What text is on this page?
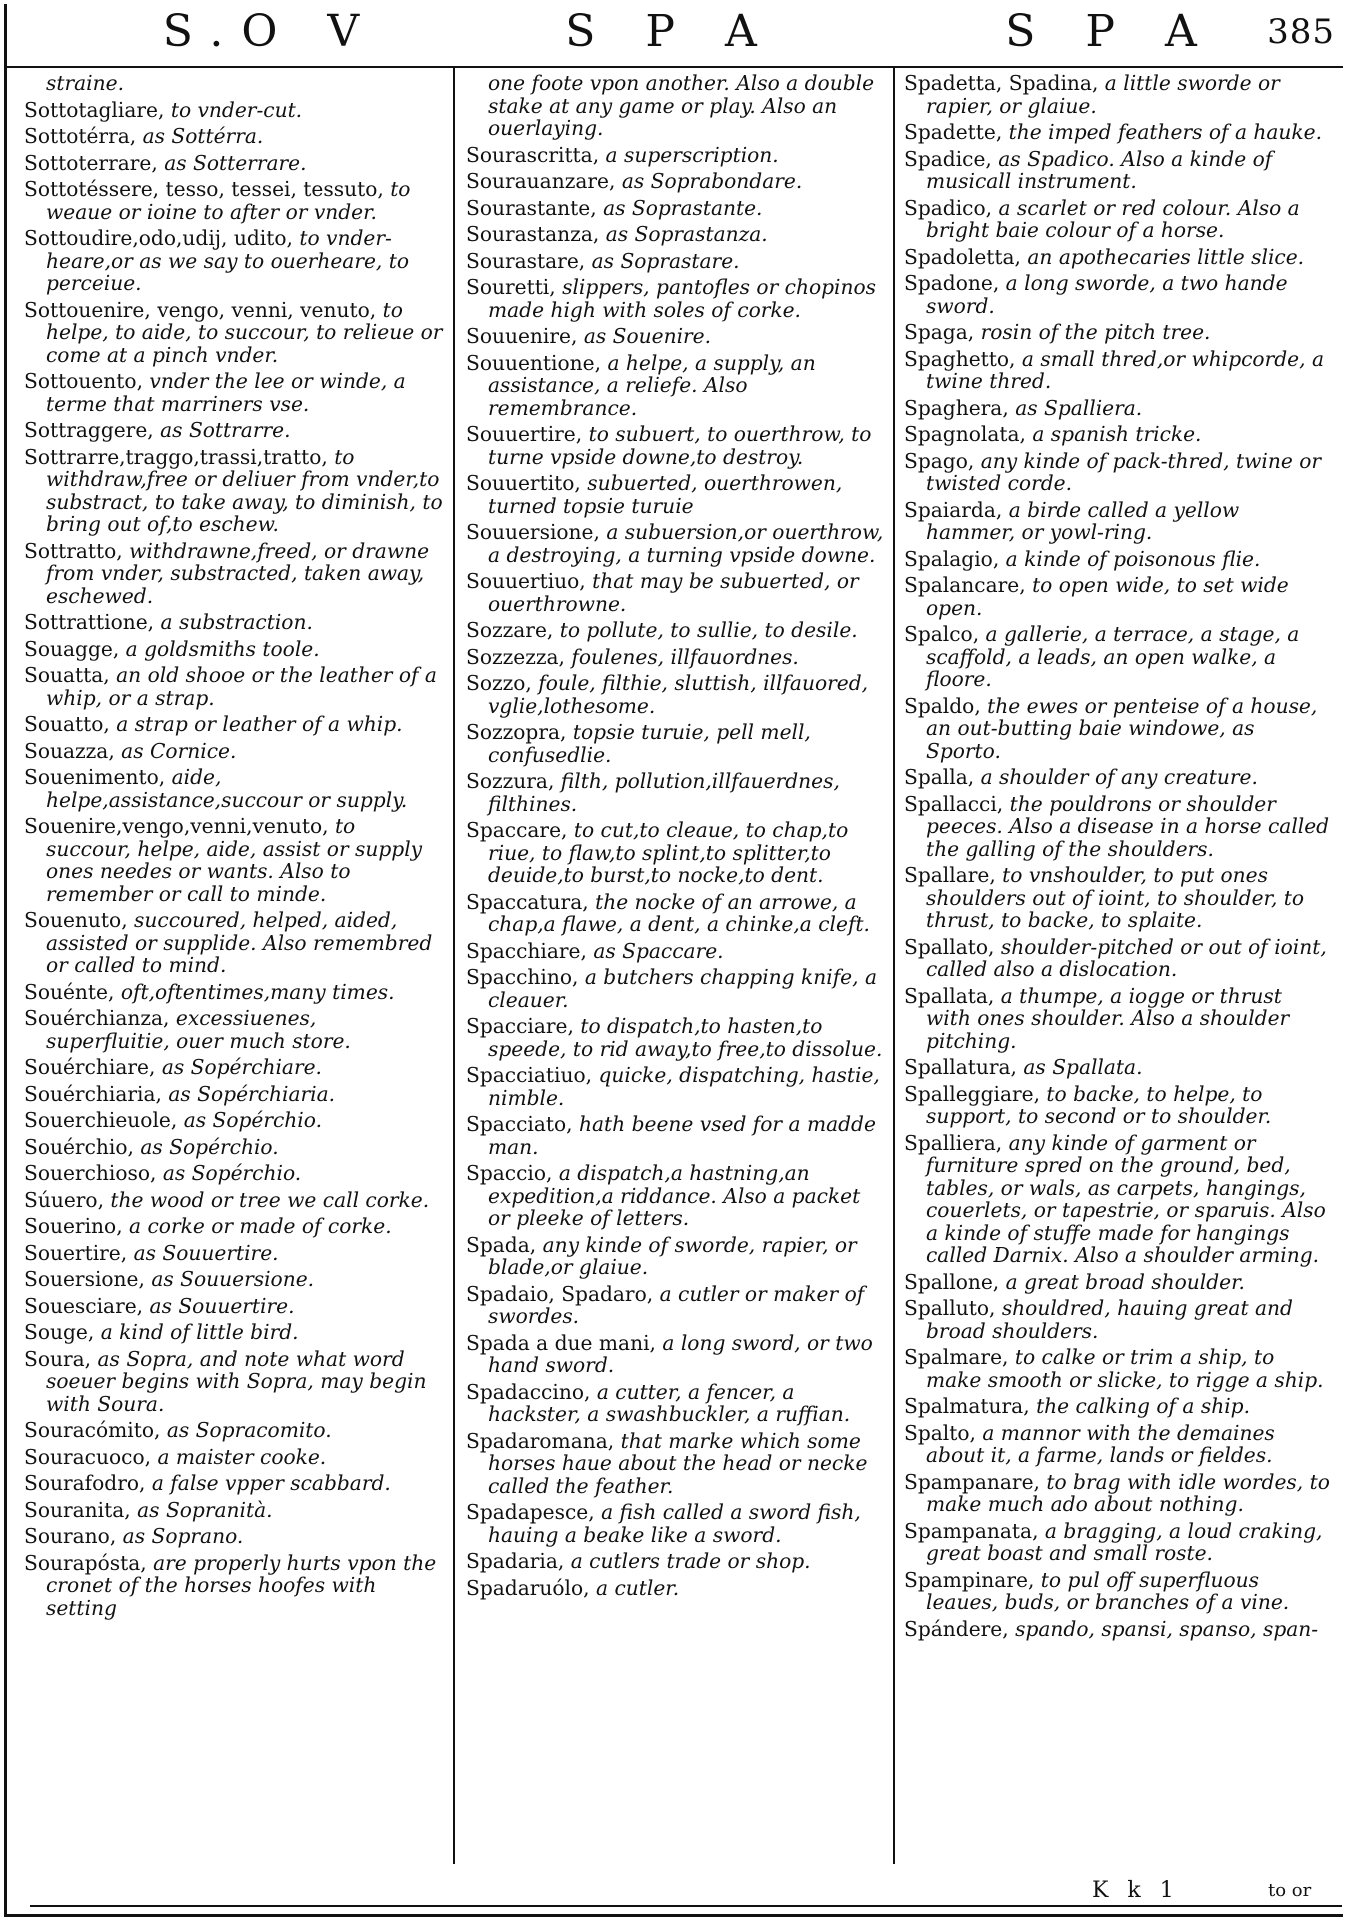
S.O V	S P A	S P A	385
straine.
Sottotagliare, to vnder-cut.
Sottotérra, as Sottérra.
Sottoterrare, as Sotterrare.
Sottotéssere, tesso, tessei, tessuto, to weaue or ioine to after or vnder.
Sottoudire,odo,udij, udito, to vnder-heare,or as we say to ouerheare, to perceiue.
Sottouenire, vengo, venni, venuto, to helpe, to aide, to succour, to relieue or come at a pinch vnder.
Sottouento, vnder the lee or winde, a terme that marriners vse.
Sottraggere, as Sottrarre.
Sottrarre,traggo,trassi,tratto, to withdraw,free or deliuer from vnder,to substract, to take away, to diminish, to bring out of,to eschew.
Sottratto, withdrawne,freed, or drawne from vnder, substracted, taken away, eschewed.
Sottrattione, a substraction.
Souagge, a goldsmiths toole.
Souatta, an old shooe or the leather of a whip, or a strap.
Souatto, a strap or leather of a whip.
Souazza, as Cornice.
Souenimento, aide, helpe,assistance,succour or supply.
Souenire,vengo,venni,venuto, to succour, helpe, aide, assist or supply ones needes or wants. Also to remember or call to minde.
Souenuto, succoured, helped, aided, assisted or supplide. Also remembred or called to mind.
Souénte, oft,oftentimes,many times.
Souérchianza, excessiuenes, superfluitie, ouer much store.
Souérchiare, as Sopérchiare.
Souérchiaria, as Sopérchiaria.
Souerchieuole, as Sopérchio.
Souérchio, as Sopérchio.
Souerchioso, as Sopérchio.
Súuero, the wood or tree we call corke.
Souerino, a corke or made of corke.
Souertire, as Souuertire.
Souersione, as Souuersione.
Souesciare, as Souuertire.
Souge, a kind of little bird.
Soura, as Sopra, and note what word soeuer begins with Sopra, may begin with Soura.
Souracómito, as Sopracomito.
Souracuoco, a maister cooke.
Sourafodro, a false vpper scabbard.
Souranita, as Sopranità.
Sourano, as Soprano.
Sourapósta, are properly hurts vpon the cronet of the horses hoofes with setting
one foote vpon another. Also a double stake at any game or play. Also an ouerlaying.
Sourascritta, a superscription.
Sourauanzare, as Soprabondare.
Sourastante, as Soprastante.
Sourastanza, as Soprastanza.
Sourastare, as Soprastare.
Souretti, slippers, pantofles or chopinos made high with soles of corke.
Souuenire, as Souenire.
Souuentione, a helpe, a supply, an assistance, a reliefe. Also remembrance.
Souuertire, to subuert, to ouerthrow, to turne vpside downe,to destroy.
Souuertito, subuerted, ouerthrowen, turned topsie turuie
Souuersione, a subuersion,or ouerthrow, a destroying, a turning vpside downe.
Souuertiuo, that may be subuerted, or ouerthrowne.
Sozzare, to pollute, to sullie, to desile.
Sozzezza, foulenes, illfauordnes.
Sozzo, foule, filthie, sluttish, illfauored, vglie,lothesome.
Sozzopra, topsie turuie, pell mell, confusedlie.
Sozzura, filth, pollution,illfauerdnes, filthines.
Spaccare, to cut,to cleaue, to chap,to riue, to flaw,to splint,to splitter,to deuide,to burst,to nocke,to dent.
Spaccatura, the nocke of an arrowe, a chap,a flawe, a dent, a chinke,a cleft.
Spacchiare, as Spaccare.
Spacchino, a butchers chapping knife, a cleauer.
Spacciare, to dispatch,to hasten,to speede, to rid away,to free,to dissolue.
Spacciatiuo, quicke, dispatching, hastie, nimble.
Spacciato, hath beene vsed for a madde man.
Spaccio, a dispatch,a hastning,an expedition,a riddance. Also a packet or pleeke of letters.
Spada, any kinde of sworde, rapier, or blade,or glaiue.
Spadaio, Spadaro, a cutler or maker of swordes.
Spada a due mani, a long sword, or two hand sword.
Spadaccino, a cutter, a fencer, a hackster, a swashbuckler, a ruffian.
Spadaromana, that marke which some horses haue about the head or necke called the feather.
Spadapesce, a fish called a sword fish, hauing a beake like a sword.
Spadaria, a cutlers trade or shop.
Spadaruólo, a cutler.
Spadetta, Spadina, a little sworde or rapier, or glaiue.
Spadette, the imped feathers of a hauke.
Spadice, as Spadico. Also a kinde of musicall instrument.
Spadico, a scarlet or red colour. Also a bright baie colour of a horse.
Spadoletta, an apothecaries little slice.
Spadone, a long sworde, a two hande sword.
Spaga, rosin of the pitch tree.
Spaghetto, a small thred,or whipcorde, a twine thred.
Spaghera, as Spalliera.
Spagnolata, a spanish tricke.
Spago, any kinde of pack-thred, twine or twisted corde.
Spaiarda, a birde called a yellow hammer, or yowl-ring.
Spalagio, a kinde of poisonous flie.
Spalancare, to open wide, to set wide open.
Spalco, a gallerie, a terrace, a stage, a scaffold, a leads, an open walke, a floore.
Spaldo, the ewes or penteise of a house, an out-butting baie windowe, as Sporto.
Spalla, a shoulder of any creature.
Spallacci, the pouldrons or shoulder peeces. Also a disease in a horse called the galling of the shoulders.
Spallare, to vnshoulder, to put ones shoulders out of ioint, to shoulder, to thrust, to backe, to splaite.
Spallato, shoulder-pitched or out of ioint, called also a dislocation.
Spallata, a thumpe, a iogge or thrust with ones shoulder. Also a shoulder pitching.
Spallatura, as Spallata.
Spalleggiare, to backe, to helpe, to support, to second or to shoulder.
Spalliera, any kinde of garment or furniture spred on the ground, bed, tables, or wals, as carpets, hangings, couerlets, or tapestrie, or sparuis. Also a kinde of stuffe made for hangings called Darnix. Also a shoulder arming.
Spallone, a great broad shoulder.
Spalluto, shouldred, hauing great and broad shoulders.
Spalmare, to calke or trim a ship, to make smooth or slicke, to rigge a ship.
Spalmatura, the calking of a ship.
Spalto, a mannor with the demaines about it, a farme, lands or fieldes.
Spampanare, to brag with idle wordes, to make much ado about nothing.
Spampanata, a bragging, a loud craking, great boast and small roste.
Spampinare, to pul off superfluous leaues, buds, or branches of a vine.
Spándere, spando, spansi, spanso, span-
K k 1	to or
